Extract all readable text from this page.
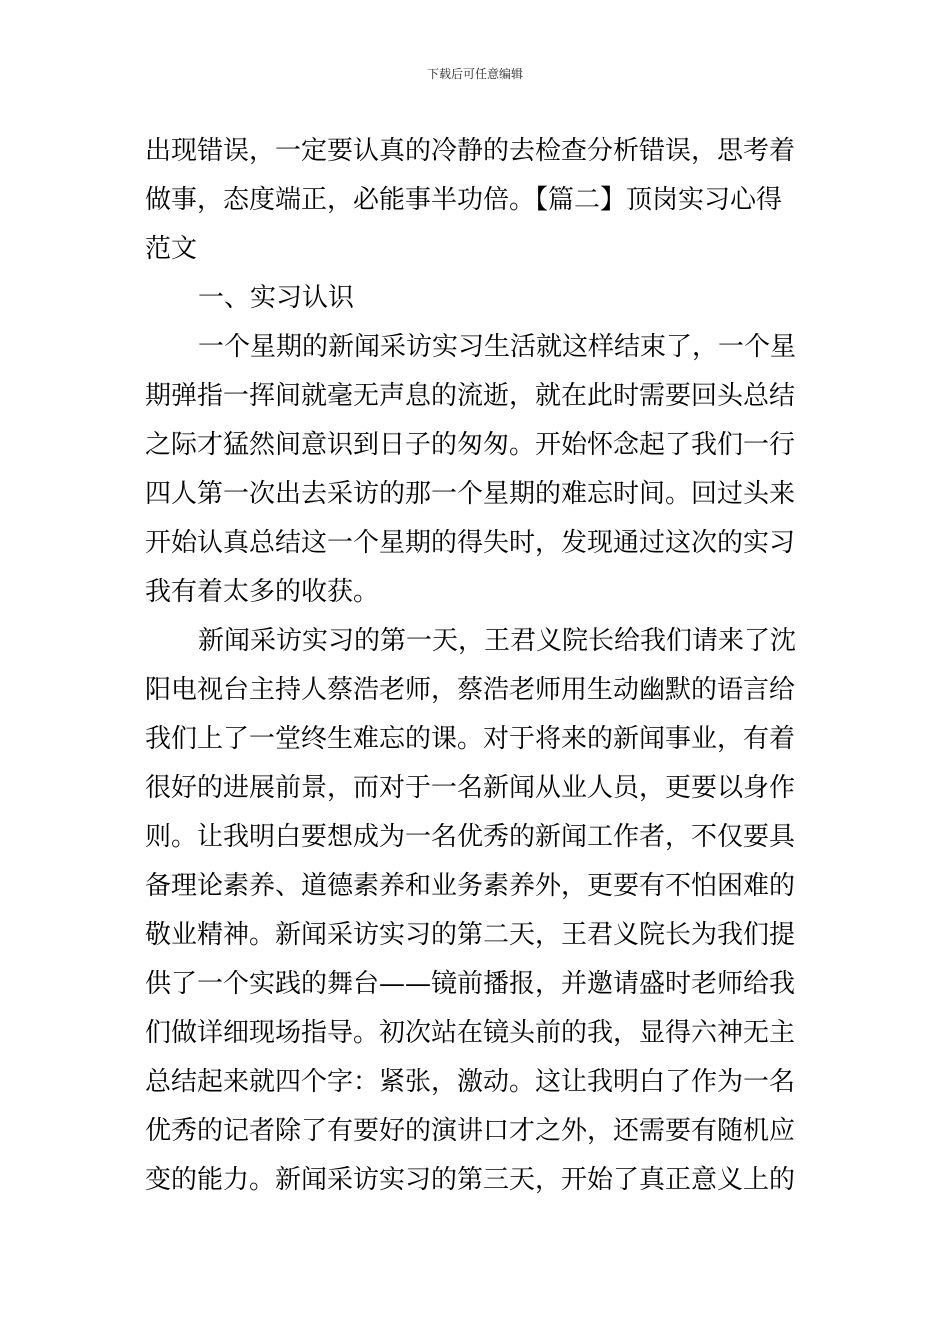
下载后可任意编辑
出现错误，一定要认真的冷静的去检查分析错误，思考着
做事，态度端正，必能事半功倍。【篇二】顶岗实习心得
范文
一、实习认识
一个星期的新闻采访实习生活就这样结束了，一个星
期弹指一挥间就毫无声息的流逝，就在此时需要回头总结
之际才猛然间意识到日子的匆匆。开始怀念起了我们一行
四人第一次出去采访的那一个星期的难忘时间。回过头来
开始认真总结这一个星期的得失时，发现通过这次的实习
我有着太多的收获。
新闻采访实习的第一天，王君义院长给我们请来了沈
阳电视台主持人蔡浩老师，蔡浩老师用生动幽默的语言给
我们上了一堂终生难忘的课。对于将来的新闻事业，有着
很好的进展前景，而对于一名新闻从业人员，更要以身作
则。让我明白要想成为一名优秀的新闻工作者，不仅要具
备理论素养、道德素养和业务素养外，更要有不怕困难的
敬业精神。新闻采访实习的第二天，王君义院长为我们提
供了一个实践的舞台——镜前播报，并邀请盛时老师给我
们做详细现场指导。初次站在镜头前的我，显得六神无主
总结起来就四个字：紧张，激动。这让我明白了作为一名
优秀的记者除了有要好的演讲口才之外，还需要有随机应
变的能力。新闻采访实习的第三天，开始了真正意义上的
